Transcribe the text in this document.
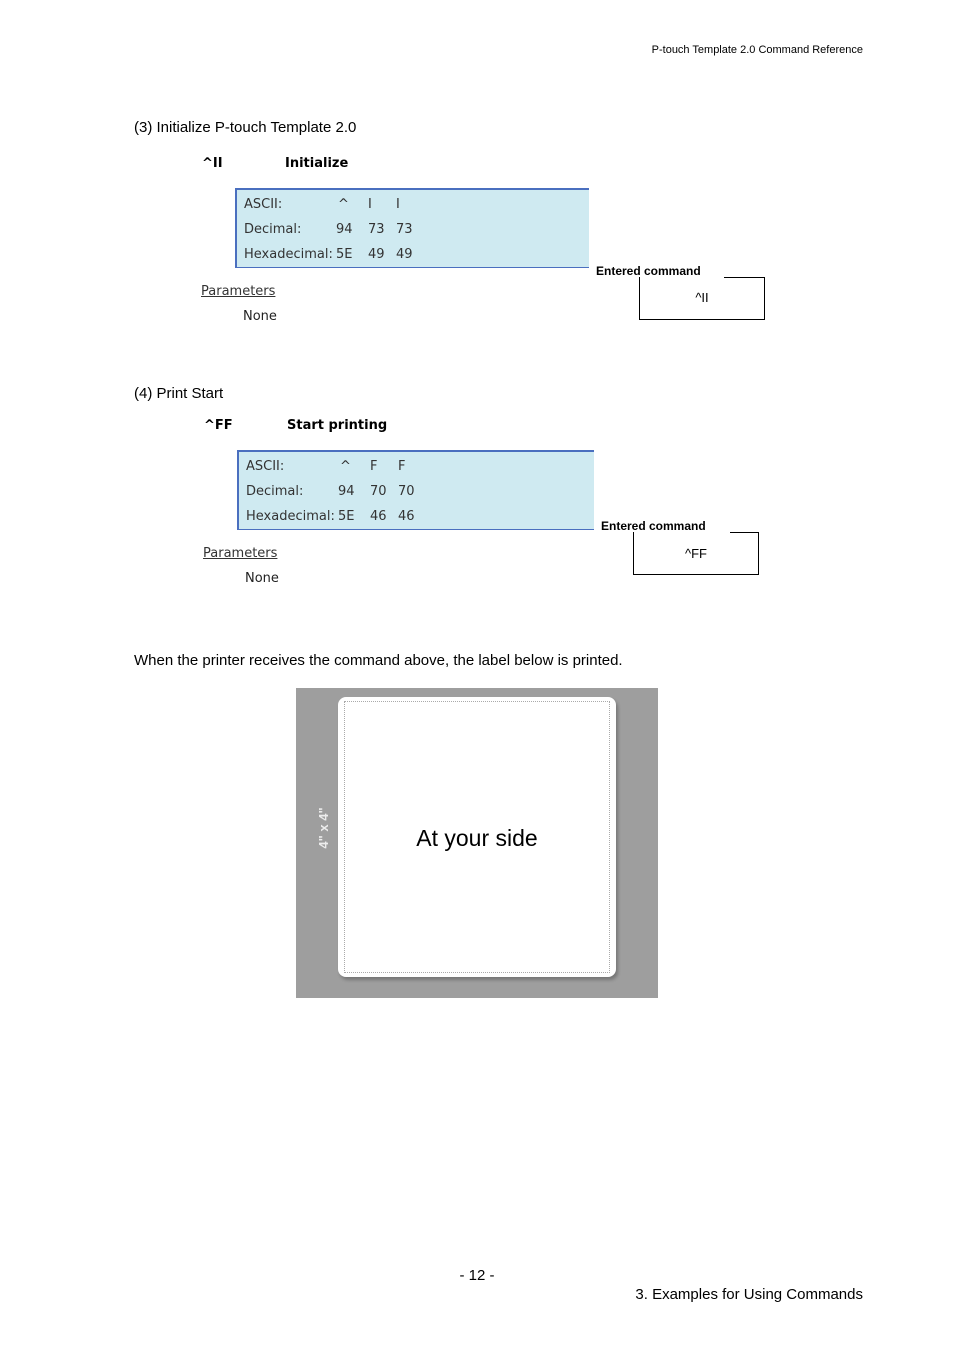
P-touch Template 2.0 Command Reference
(3) Initialize P-touch Template 2.0
^II	Initialize
ASCII:	^ I I
Decimal:	94 73 73
Hexadecimal: 5E 49 49
Entered command
^II
Parameters
None
(4) Print Start
^FF	Start printing
ASCII:	^ F F
Decimal:	94 70 70
Hexadecimal: 5E 46 46
Entered command
^FF
Parameters
None
When the printer receives the command above, the label below is printed.
4" x 4"	At your side
- 12 -
3. Examples for Using Commands
